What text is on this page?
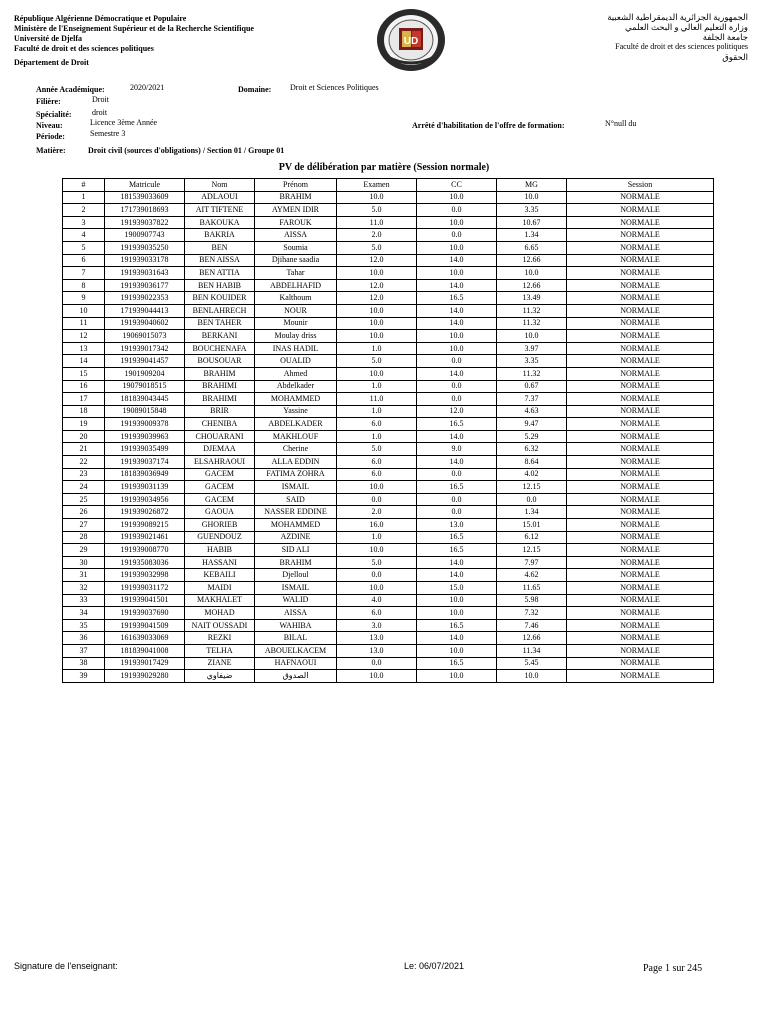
République Algérienne Démocratique et Populaire
Ministère de l'Enseignement Supérieur et de la Recherche Scientifique
Université de Djelfa
Faculté de droit et des sciences politiques
Département de Droit
UD
الجمهورية الجزائرية الديمقراطية الشعبية
وزارة التعليم العالي و البحث العلمي
جامعة الجلفة
Faculté de droit et des sciences politiques
الحقوق
Année Académique:	2020/2021	Domaine: Droit et Sciences Politiques
Filière:	Droit
Spécialité:	droit
Niveau:	Licence 3ème Année	Arrêté d'habilitation de l'offre de formation:	N°null du
Période:	Semestre 3
Matière:	Droit civil (sources d'obligations) / Section 01 / Groupe 01
PV de délibération par matière (Session normale)
#	Matricule	Nom	Prénom	Examen	CC	MG	Session
1	181539033609	ADLAOUI	BRAHIM	10.0	10.0	10.0	NORMALE
2	171739018693	AIT TIFTENE	AYMEN IDIR	5.0	0.0	3.35	NORMALE
3	191939037822	BAKOUKA	FAROUK	11.0	10.0	10.67	NORMALE
4	1900907743	BAKRIA	AISSA	2.0	0.0	1.34	NORMALE
5	191939035250	BEN	Soumia	5.0	10.0	6.65	NORMALE
6	191939033178	BEN AISSA	Djihane saadia	12.0	14.0	12.66	NORMALE
7	191939031643	BEN ATTIA	Tahar	10.0	10.0	10.0	NORMALE
8	191939036177	BEN HABIB	ABDELHAFID	12.0	14.0	12.66	NORMALE
9	191939022353	BEN KOUIDER	Kalthoum	12.0	16.5	13.49	NORMALE
10	171939044413	BENLAHRECH	NOUR	10.0	14.0	11.32	NORMALE
11	191939040602	BEN TAHER	Mounir	10.0	14.0	11.32	NORMALE
12	19069015073	BERKANI	Moulay driss	10.0	10.0	10.0	NORMALE
13	191939017342	BOUCHENAFA	INAS HADIL	1.0	10.0	3.97	NORMALE
14	191939041457	BOUSOUAR	OUALID	5.0	0.0	3.35	NORMALE
15	1901909204	BRAHIM	Ahmed	10.0	14.0	11.32	NORMALE
16	19079018515	BRAHIMI	Abdelkader	1.0	0.0	0.67	NORMALE
17	181839043445	BRAHIMI	MOHAMMED	11.0	0.0	7.37	NORMALE
18	19089015848	BRIR	Yassine	1.0	12.0	4.63	NORMALE
19	191939009378	CHENIBA	ABDELKADER	6.0	16.5	9.47	NORMALE
20	191939039963	CHOUARANI	MAKHLOUF	1.0	14.0	5.29	NORMALE
21	191939035499	DJEMAA	Cherine	5.0	9.0	6.32	NORMALE
22	191939037174	ELSAHRAOUI	ALLA EDDIN	6.0	14.0	8.64	NORMALE
23	181839036949	GACEM	FATIMA ZOHRA	6.0	0.0	4.02	NORMALE
24	191939031139	GACEM	ISMAIL	10.0	16.5	12.15	NORMALE
25	191939034956	GACEM	SAID	0.0	0.0	0.0	NORMALE
26	191939026872	GAOUA	NASSER EDDINE	2.0	0.0	1.34	NORMALE
27	191939089215	GHORIEB	MOHAMMED	16.0	13.0	15.01	NORMALE
28	191939021461	GUENDOUZ	AZDINE	1.0	16.5	6.12	NORMALE
29	191939008770	HABIB	SID ALI	10.0	16.5	12.15	NORMALE
30	191935083036	HASSANI	BRAHIM	5.0	14.0	7.97	NORMALE
31	191939032998	KEBAILI	Djelloul	0.0	14.0	4.62	NORMALE
32	191939031172	MAIDI	ISMAIL	10.0	15.0	11.65	NORMALE
33	191939041501	MAKHALET	WALID	4.0	10.0	5.98	NORMALE
34	191939037690	MOHAD	AISSA	6.0	10.0	7.32	NORMALE
35	191939041509	NAIT OUSSADI	WAHIBA	3.0	16.5	7.46	NORMALE
36	161639033069	REZKI	BILAL	13.0	14.0	12.66	NORMALE
37	181839041008	TELHA	ABOUELKACEM	13.0	10.0	11.34	NORMALE
38	191939017429	ZIANE	HAFNAOUI	0.0	16.5	5.45	NORMALE
39	191939029280	ضيفاوي	الصدوق	10.0	10.0	10.0	NORMALE
Signature de l'enseignant:	Le: 06/07/2021	Page 1 sur 245
